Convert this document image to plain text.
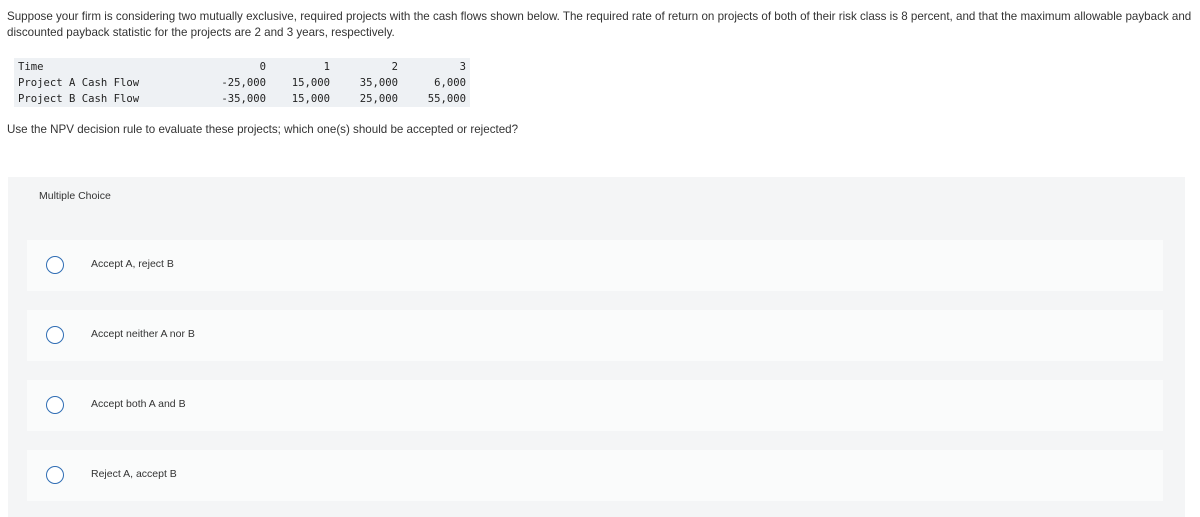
Suppose your firm is considering two mutually exclusive, required projects with the cash flows shown below. The required rate of return on projects of both of their risk class is 8 percent, and that the maximum allowable payback and discounted payback statistic for the projects are 2 and 3 years, respectively.
Time	0	1	2	3
Project A Cash Flow	-25,000	15,000	35,000	6,000
Project B Cash Flow	-35,000	15,000	25,000	55,000
Use the NPV decision rule to evaluate these projects; which one(s) should be accepted or rejected?
Multiple Choice
Accept A, reject B
Accept neither A nor B
Accept both A and B
Reject A, accept B
